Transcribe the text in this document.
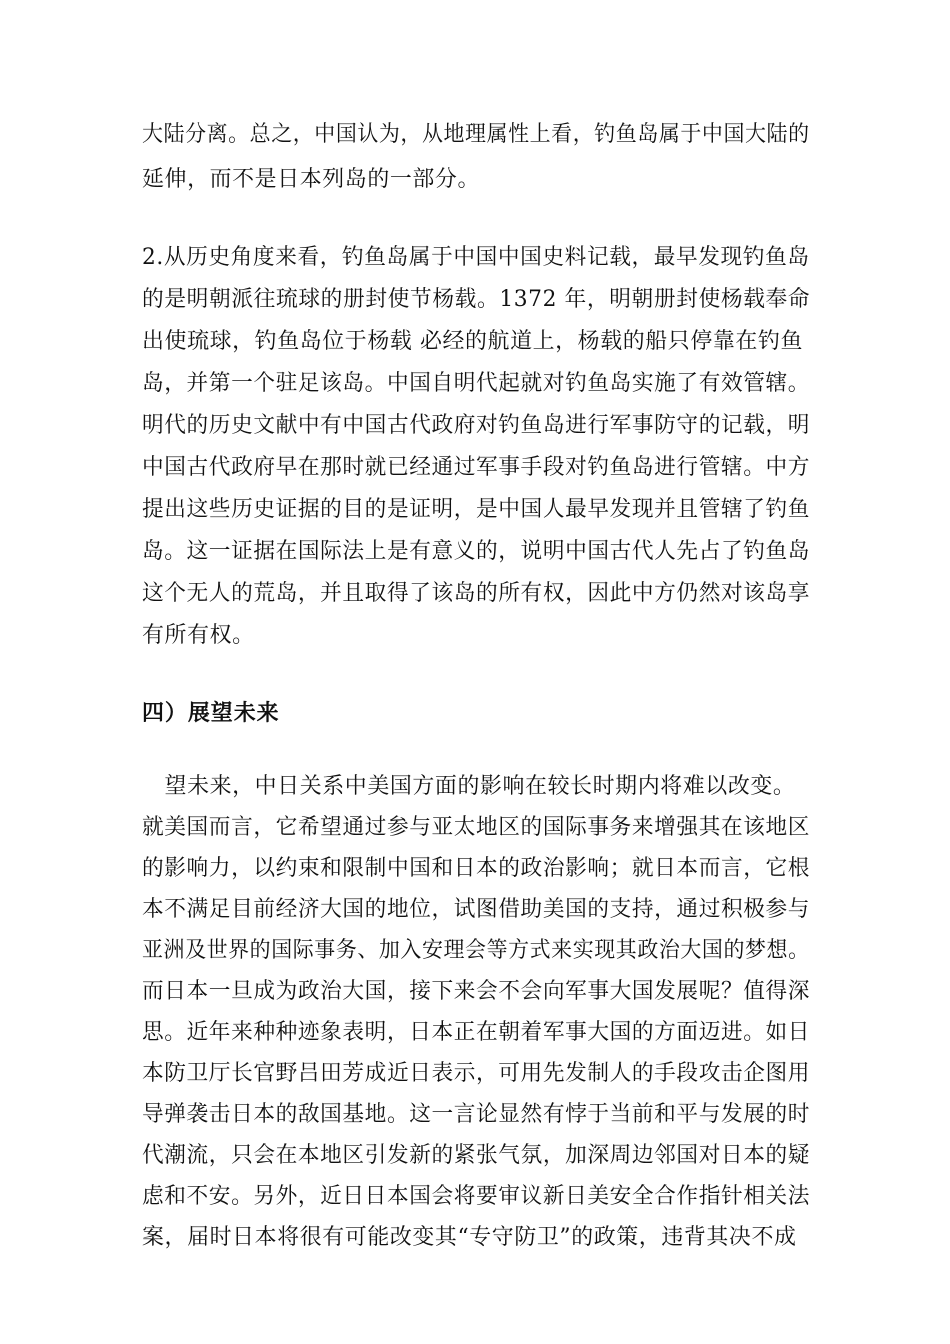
大陆分离。总之，中国认为，从地理属性上看，钓鱼岛属于中国大陆的
延伸，而不是日本列岛的一部分。
2.从历史角度来看，钓鱼岛属于中国中国史料记载，最早发现钓鱼岛
的是明朝派往琉球的册封使节杨载。1372 年，明朝册封使杨载奉命
出使琉球，钓鱼岛位于杨载 必经的航道上，杨载的船只停靠在钓鱼
岛，并第一个驻足该岛。中国自明代起就对钓鱼岛实施了有效管辖。
明代的历史文献中有中国古代政府对钓鱼岛进行军事防守的记载，明
中国古代政府早在那时就已经通过军事手段对钓鱼岛进行管辖。中方
提出这些历史证据的目的是证明，是中国人最早发现并且管辖了钓鱼
岛。这一证据在国际法上是有意义的，说明中国古代人先占了钓鱼岛
这个无人的荒岛，并且取得了该岛的所有权，因此中方仍然对该岛享
有所有权。
四）展望未来
　望未来，中日关系中美国方面的影响在较长时期内将难以改变。
就美国而言，它希望通过参与亚太地区的国际事务来增强其在该地区
的影响力，以约束和限制中国和日本的政治影响；就日本而言，它根
本不满足目前经济大国的地位，试图借助美国的支持，通过积极参与
亚洲及世界的国际事务、加入安理会等方式来实现其政治大国的梦想。
而日本一旦成为政治大国，接下来会不会向军事大国发展呢？值得深
思。近年来种种迹象表明，日本正在朝着军事大国的方面迈进。如日
本防卫厅长官野吕田芳成近日表示，可用先发制人的手段攻击企图用
导弹袭击日本的敌国基地。这一言论显然有悖于当前和平与发展的时
代潮流，只会在本地区引发新的紧张气氛，加深周边邻国对日本的疑
虑和不安。另外，近日日本国会将要审议新日美安全合作指针相关法
案，届时日本将很有可能改变其“专守防卫”的政策，违背其决不成
